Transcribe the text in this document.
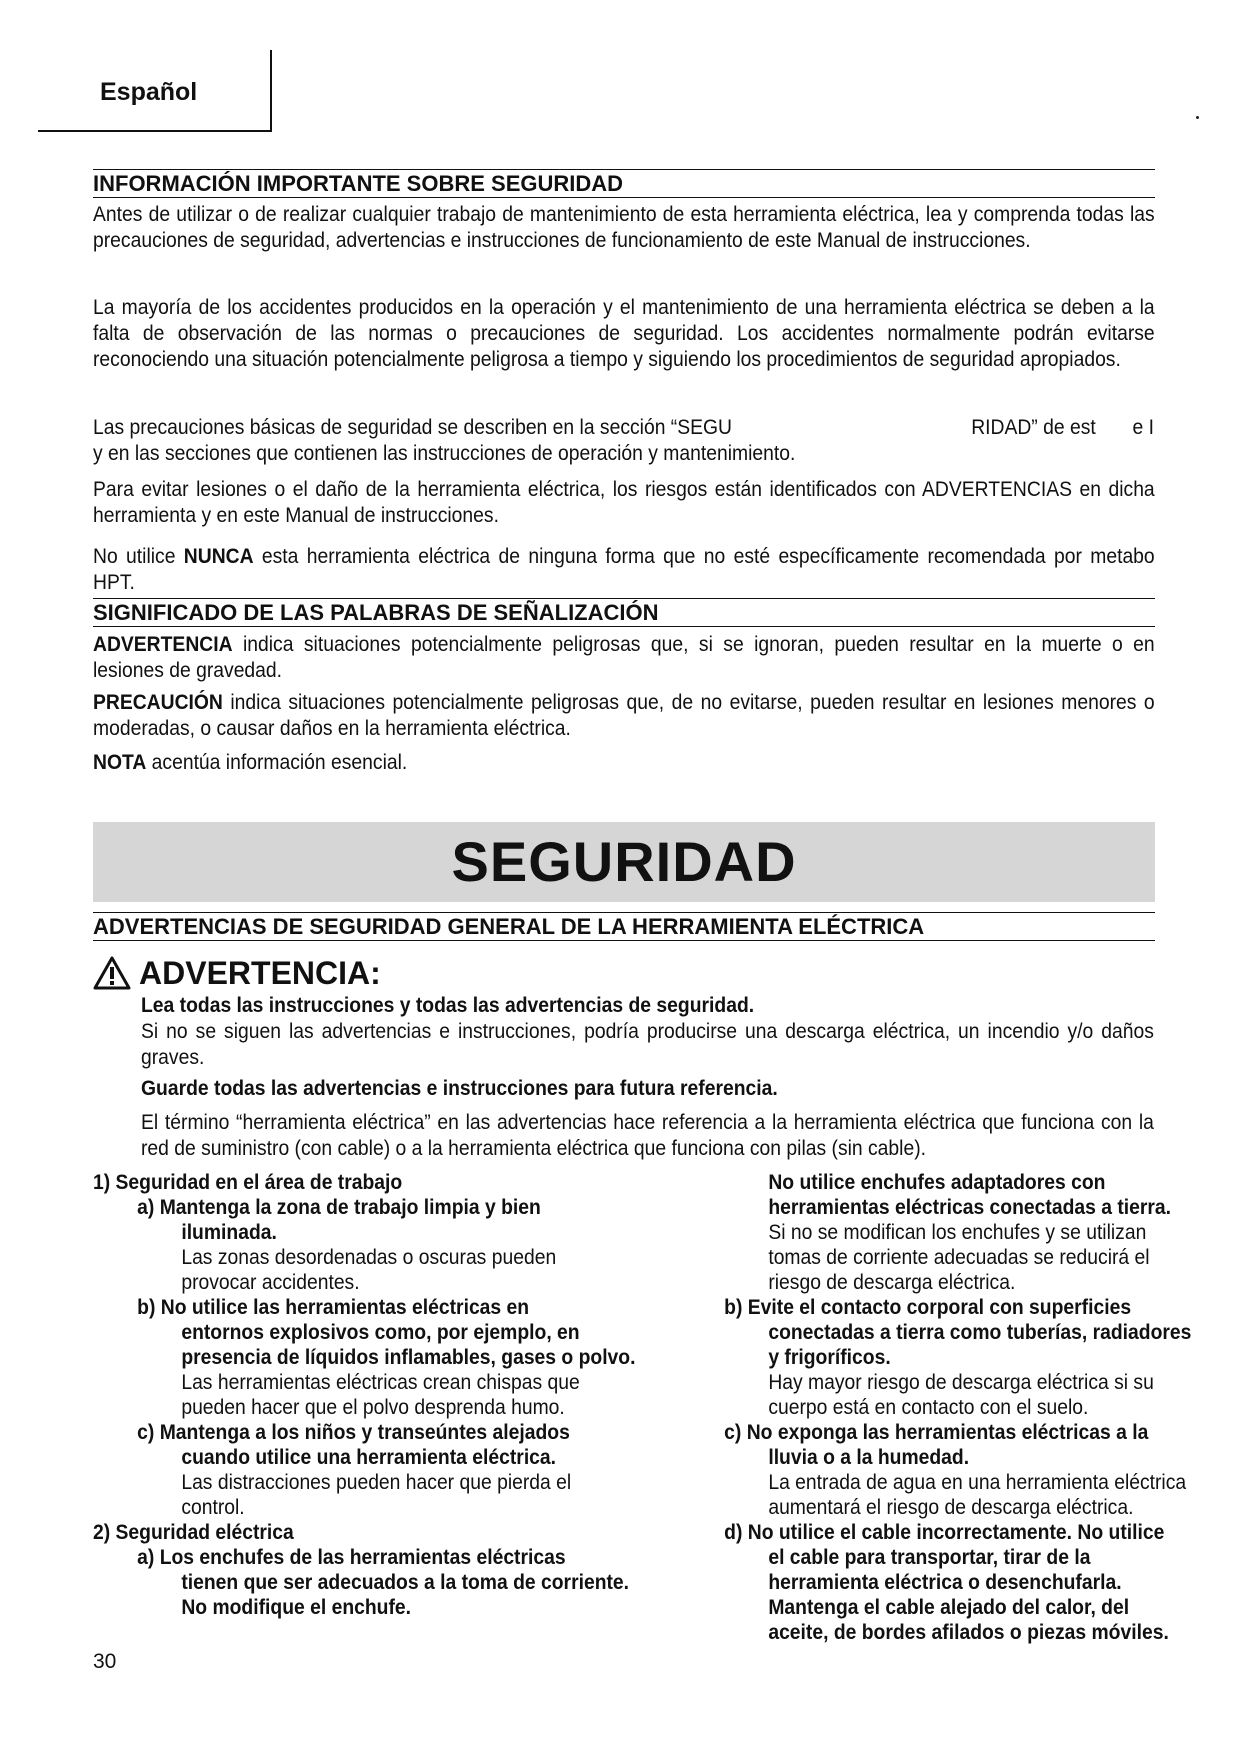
Español
INFORMACIÓN IMPORTANTE SOBRE SEGURIDAD
Antes de utilizar o de realizar cualquier trabajo de mantenimiento de esta herramienta eléctrica, lea y comprenda todas las precauciones de seguridad, advertencias e instrucciones de funcionamiento de este Manual de instrucciones.
La mayoría de los accidentes producidos en la operación y el mantenimiento de una herramienta eléctrica se deben a la falta de observación de las normas o precauciones de seguridad. Los accidentes normalmente podrán evitarse reconociendo una situación potencialmente peligrosa a tiempo y siguiendo los procedimientos de seguridad apropiados.
Las precauciones básicas de seguridad se describen en la sección “SEGU	RIDAD” de est e I
y en las secciones que contienen las instrucciones de operación y mantenimiento.
Para evitar lesiones o el daño de la herramienta eléctrica, los riesgos están identificados con ADVERTENCIAS en dicha herramienta y en este Manual de instrucciones.
No utilice NUNCA esta herramienta eléctrica de ninguna forma que no esté específicamente recomendada por metabo HPT.
SIGNIFICADO DE LAS PALABRAS DE SEÑALIZACIÓN
ADVERTENCIA indica situaciones potencialmente peligrosas que, si se ignoran, pueden resultar en la muerte o en lesiones de gravedad.
PRECAUCIÓN indica situaciones potencialmente peligrosas que, de no evitarse, pueden resultar en lesiones menores o moderadas, o causar daños en la herramienta eléctrica.
NOTA acentúa información esencial.
SEGURIDAD
ADVERTENCIAS DE SEGURIDAD GENERAL DE LA HERRAMIENTA ELÉCTRICA
ADVERTENCIA:
Lea todas las instrucciones y todas las advertencias de seguridad.
Si no se siguen las advertencias e instrucciones, podría producirse una descarga eléctrica, un incendio y/o daños graves.
Guarde todas las advertencias e instrucciones para futura referencia.
El término “herramienta eléctrica” en las advertencias hace referencia a la herramienta eléctrica que funciona con la red de suministro (con cable) o a la herramienta eléctrica que funciona con pilas (sin cable).
1) Seguridad en el área de trabajo
a) Mantenga la zona de trabajo limpia y bien
iluminada.
Las zonas desordenadas o oscuras pueden
provocar accidentes.
b) No utilice las herramientas eléctricas en
entornos explosivos como, por ejemplo, en
presencia de líquidos inflamables, gases o polvo.
Las herramientas eléctricas crean chispas que
pueden hacer que el polvo desprenda humo.
c) Mantenga a los niños y transeúntes alejados
cuando utilice una herramienta eléctrica.
Las distracciones pueden hacer que pierda el
control.
2) Seguridad eléctrica
a) Los enchufes de las herramientas eléctricas
tienen que ser adecuados a la toma de corriente.
No modifique el enchufe.
No utilice enchufes adaptadores con
herramientas eléctricas conectadas a tierra.
Si no se modifican los enchufes y se utilizan
tomas de corriente adecuadas se reducirá el
riesgo de descarga eléctrica.
b) Evite el contacto corporal con superficies
conectadas a tierra como tuberías, radiadores
y frigoríficos.
Hay mayor riesgo de descarga eléctrica si su
cuerpo está en contacto con el suelo.
c) No exponga las herramientas eléctricas a la
lluvia o a la humedad.
La entrada de agua en una herramienta eléctrica
aumentará el riesgo de descarga eléctrica.
d) No utilice el cable incorrectamente. No utilice
el cable para transportar, tirar de la
herramienta eléctrica o desenchufarla.
Mantenga el cable alejado del calor, del
aceite, de bordes afilados o piezas móviles.
30
